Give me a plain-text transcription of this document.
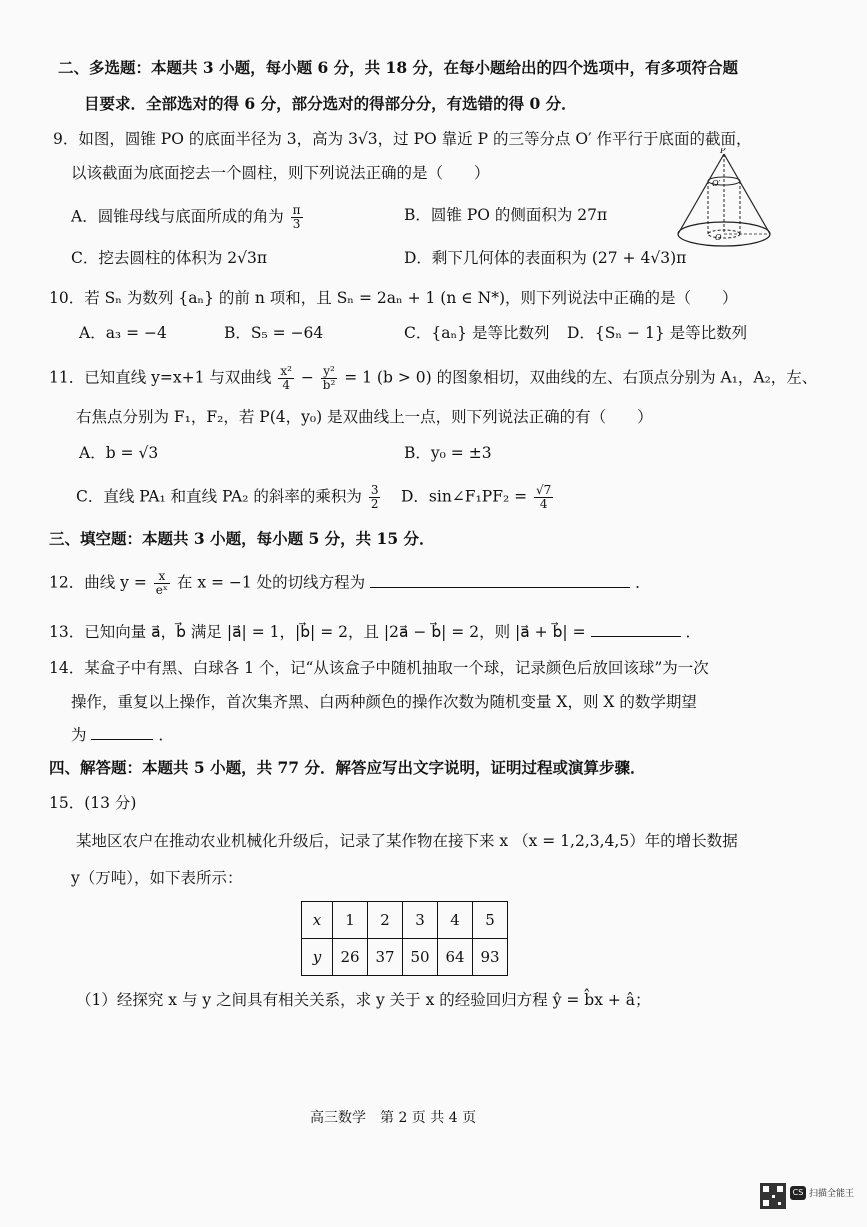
二、多选题：本题共 3 小题，每小题 6 分，共 18 分，在每小题给出的四个选项中，有多项符合题
目要求．全部选对的得 6 分，部分选对的得部分分，有选错的得 0 分．
9．如图，圆锥 PO 的底面半径为 3，高为 3√3，过 PO 靠近 P 的三等分点 O′ 作平行于底面的截面，
以该截面为底面挖去一个圆柱，则下列说法正确的是（　　）
A．圆锥母线与底面所成的角为 $\frac{\pi}{3}$	B．圆锥 PO 的侧面积为 27π
C．挖去圆柱的体积为 2√3π	D．剩下几何体的表面积为 (27 + 4√3)π
P
O′
O
10．若 Sₙ 为数列 {aₙ} 的前 n 项和，且 Sₙ = 2aₙ + 1 (n ∈ N*)，则下列说法中正确的是（　　）
A．a₃ = −4	B．S₅ = −64	C．{aₙ} 是等比数列 D．{Sₙ − 1} 是等比数列
11．已知直线 y=x+1 与双曲线 $\frac{\text{x²}}{4} - \frac{\text{y²}}{\text{b²}} = 1$ (b > 0) 的图象相切，双曲线的左、右顶点分别为 A₁，A₂，左、
右焦点分别为 F₁，F₂，若 P(4，y₀) 是双曲线上一点，则下列说法正确的有（　　）
A．b = √3	B．y₀ = ±3
C．直线 PA₁ 和直线 PA₂ 的斜率的乘积为 $\frac{3}{2}$ D．sin∠F₁PF₂ = $\frac{√7}{4}$
三、填空题：本题共 3 小题，每小题 5 分，共 15 分．
12．曲线 $y = \frac{x}{\text{eˣ}}$ 在 x = −1 处的切线方程为	．
13．已知向量 a⃗，b⃗ 满足 |a⃗| = 1，|b⃗| = 2，且 |2a⃗ − b⃗| = 2，则 |a⃗ + b⃗| =	．
14．某盒子中有黑、白球各 1 个，记“从该盒子中随机抽取一个球，记录颜色后放回该球”为一次
操作，重复以上操作，首次集齐黑、白两种颜色的操作次数为随机变量 X，则 X 的数学期望
为	．
四、解答题：本题共 5 小题，共 77 分．解答应写出文字说明，证明过程或演算步骤．
15．(13 分)
某地区农户在推动农业机械化升级后，记录了某作物在接下来 x （x = 1,2,3,4,5）年的增长数据
y（万吨），如下表所示：
x	1	2	3	4	5
y	26	37	50	64	93
（1）经探究 x 与 y 之间具有相关关系，求 y 关于 x 的经验回归方程 ŷ = b̂x + â；
高三数学　第 2 页 共 4 页
CS 扫描全能王
